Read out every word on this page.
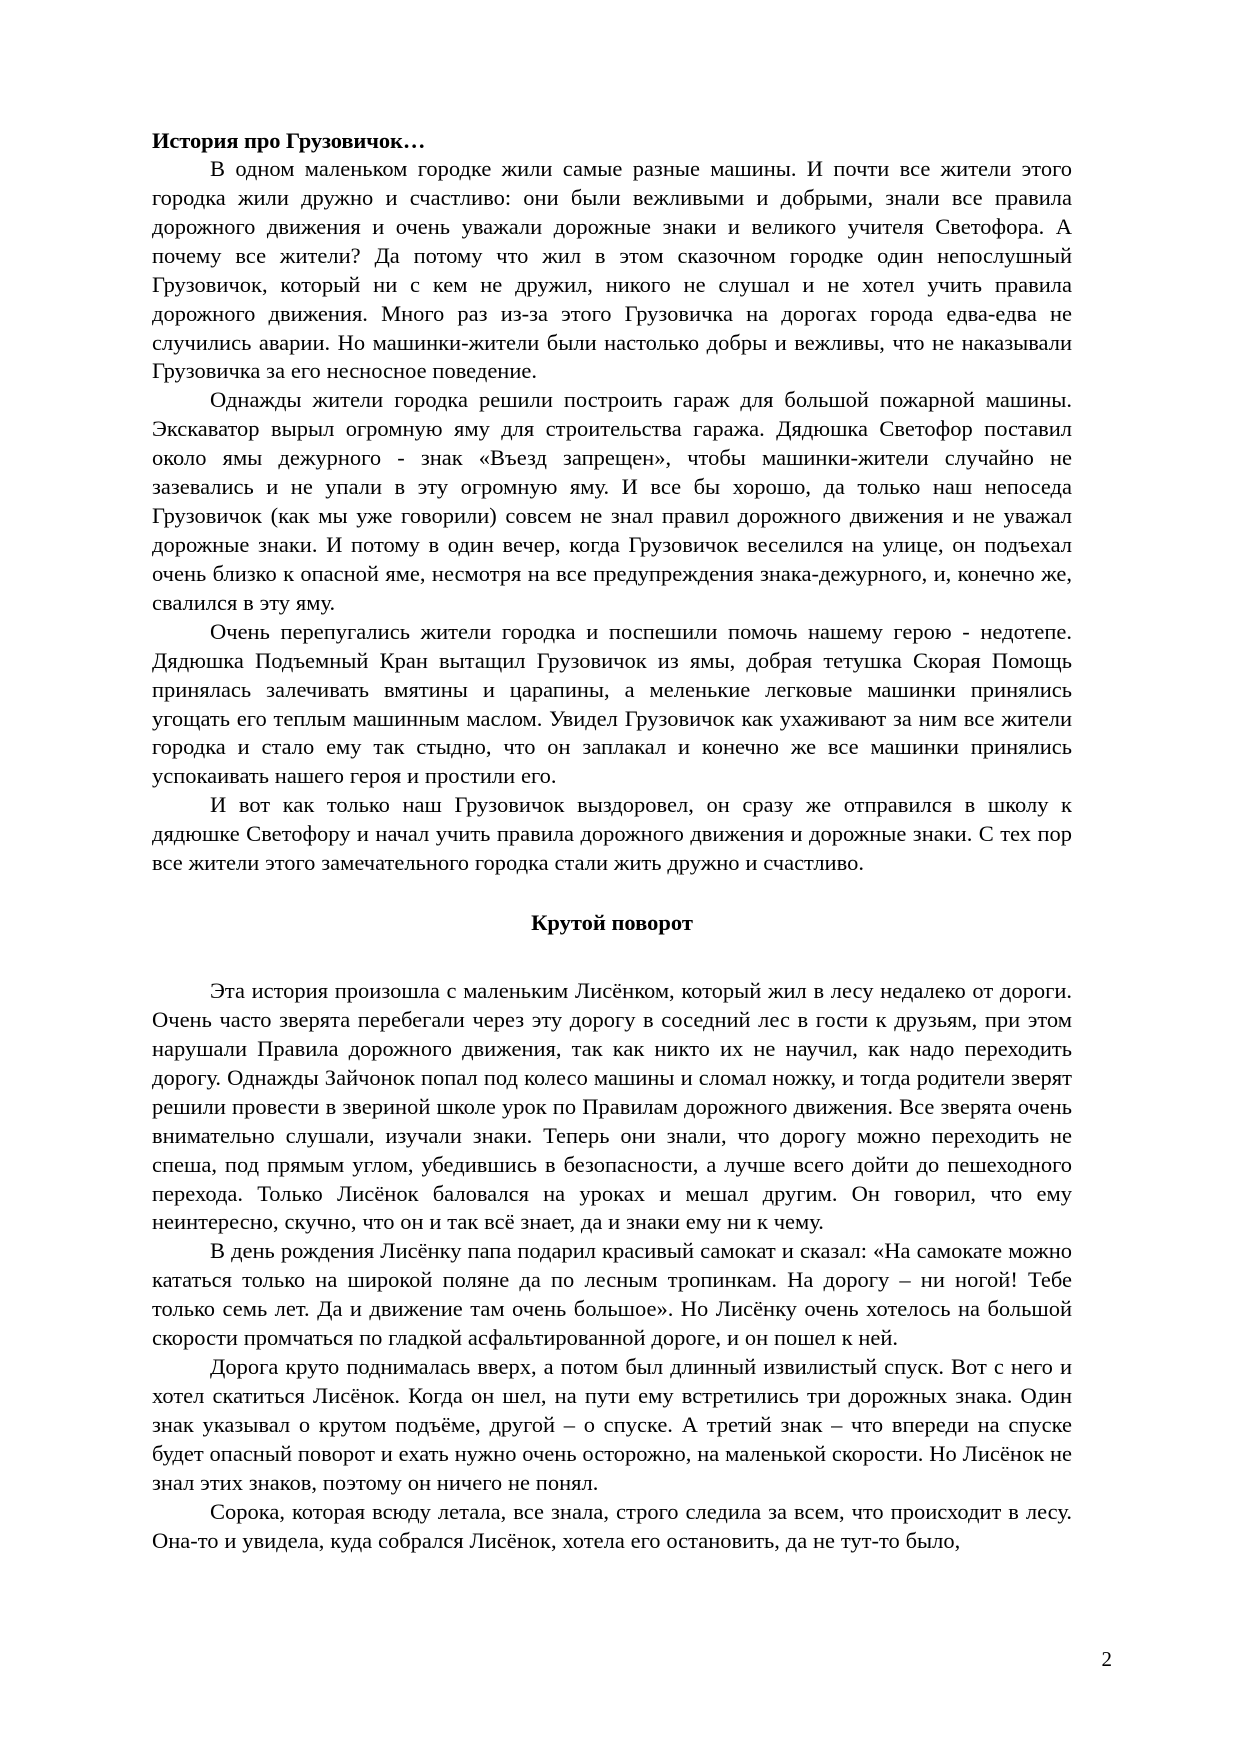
История про Грузовичок…

В одном маленьком городке жили самые разные машины. И почти все жители этого городка жили дружно и счастливо: они были вежливыми и добрыми, знали все правила дорожного движения и очень уважали дорожные знаки и великого учителя Светофора. А почему все жители? Да потому что жил в этом сказочном городке один непослушный Грузовичок, который ни с кем не дружил, никого не слушал и не хотел учить правила дорожного движения. Много раз из-за этого Грузовичка на дорогах города едва-едва не случились аварии. Но машинки-жители были настолько добры и вежливы, что не наказывали Грузовичка за его несносное поведение.

Однажды жители городка решили построить гараж для большой пожарной машины. Экскаватор вырыл огромную яму для строительства гаража. Дядюшка Светофор поставил около ямы дежурного - знак «Въезд запрещен», чтобы машинки-жители случайно не зазевались и не упали в эту огромную яму. И все бы хорошо, да только наш непоседа Грузовичок (как мы уже говорили) совсем не знал правил дорожного движения и не уважал дорожные знаки. И потому в один вечер, когда Грузовичок веселился на улице, он подъехал очень близко к опасной яме, несмотря на все предупреждения знака-дежурного, и, конечно же, свалился в эту яму.

Очень перепугались жители городка и поспешили помочь нашему герою - недотепе. Дядюшка Подъемный Кран вытащил Грузовичок из ямы, добрая тетушка Скорая Помощь принялась залечивать вмятины и царапины, а меленькие легковые машинки принялись угощать его теплым машинным маслом. Увидел Грузовичок как ухаживают за ним все жители городка и стало ему так стыдно, что он заплакал и конечно же все машинки принялись успокаивать нашего героя и простили его.

И вот как только наш Грузовичок выздоровел, он сразу же отправился в школу к дядюшке Светофору и начал учить правила дорожного движения и дорожные знаки. С тех пор все жители этого замечательного городка стали жить дружно и счастливо.

Крутой поворот

Эта история произошла с маленьким Лисёнком, который жил в лесу недалеко от дороги. Очень часто зверята перебегали через эту дорогу в соседний лес в гости к друзьям, при этом нарушали Правила дорожного движения, так как никто их не научил, как надо переходить дорогу. Однажды Зайчонок попал под колесо машины и сломал ножку, и тогда родители зверят решили провести в звериной школе урок по Правилам дорожного движения. Все зверята очень внимательно слушали, изучали знаки. Теперь они знали, что дорогу можно переходить не спеша, под прямым углом, убедившись в безопасности, а лучше всего дойти до пешеходного перехода. Только Лисёнок баловался на уроках и мешал другим. Он говорил, что ему неинтересно, скучно, что он и так всё знает, да и знаки ему ни к чему.

В день рождения Лисёнку папа подарил красивый самокат и сказал: «На самокате можно кататься только на широкой поляне да по лесным тропинкам. На дорогу – ни ногой! Тебе только семь лет. Да и движение там очень большое». Но Лисёнку очень хотелось на большой скорости промчаться по гладкой асфальтированной дороге, и он пошел к ней.

Дорога круто поднималась вверх, а потом был длинный извилистый спуск. Вот с него и хотел скатиться Лисёнок. Когда он шел, на пути ему встретились три дорожных знака. Один знак указывал о крутом подъёме, другой – о спуске. А третий знак – что впереди на спуске будет опасный поворот и ехать нужно очень осторожно, на маленькой скорости. Но Лисёнок не знал этих знаков, поэтому он ничего не понял.

Сорока, которая всюду летала, все знала, строго следила за всем, что происходит в лесу. Она-то и увидела, куда собрался Лисёнок, хотела его остановить, да не тут-то было,

2
